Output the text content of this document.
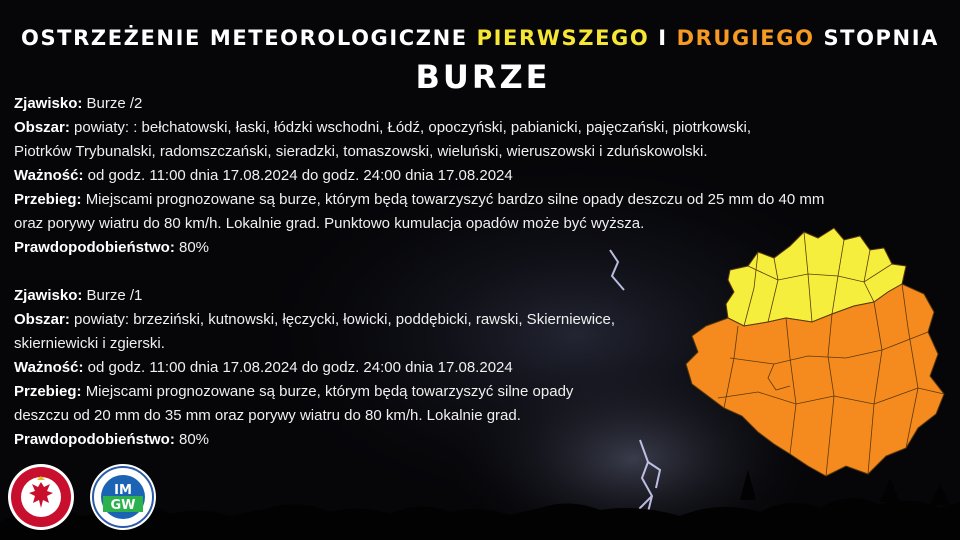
OSTRZEŻENIE METEOROLOGICZNE PIERWSZEGO I DRUGIEGO STOPNIA
BURZE
Zjawisko: Burze /2
Obszar: powiaty: : bełchatowski, łaski, łódzki wschodni, Łódź, opoczyński, pabianicki, pajęczański, piotrkowski,
Piotrków Trybunalski, radomszczański, sieradzki, tomaszowski, wieluński, wieruszowski i zduńskowolski.
Ważność: od godz. 11:00 dnia 17.08.2024 do godz. 24:00 dnia 17.08.2024
Przebieg: Miejscami prognozowane są burze, którym będą towarzyszyć bardzo silne opady deszczu od 25 mm do 40 mm
oraz porywy wiatru do 80 km/h. Lokalnie grad. Punktowo kumulacja opadów może być wyższa.
Prawdopodobieństwo: 80%
Zjawisko: Burze /1
Obszar: powiaty: brzeziński, kutnowski, łęczycki, łowicki, poddębicki, rawski, Skierniewice,
skierniewicki i zgierski.
Ważność: od godz. 11:00 dnia 17.08.2024 do godz. 24:00 dnia 17.08.2024
Przebieg: Miejscami prognozowane są burze, którym będą towarzyszyć silne opady
deszczu od 20 mm do 35 mm oraz porywy wiatru do 80 km/h. Lokalnie grad.
Prawdopodobieństwo: 80%
IM
GW
